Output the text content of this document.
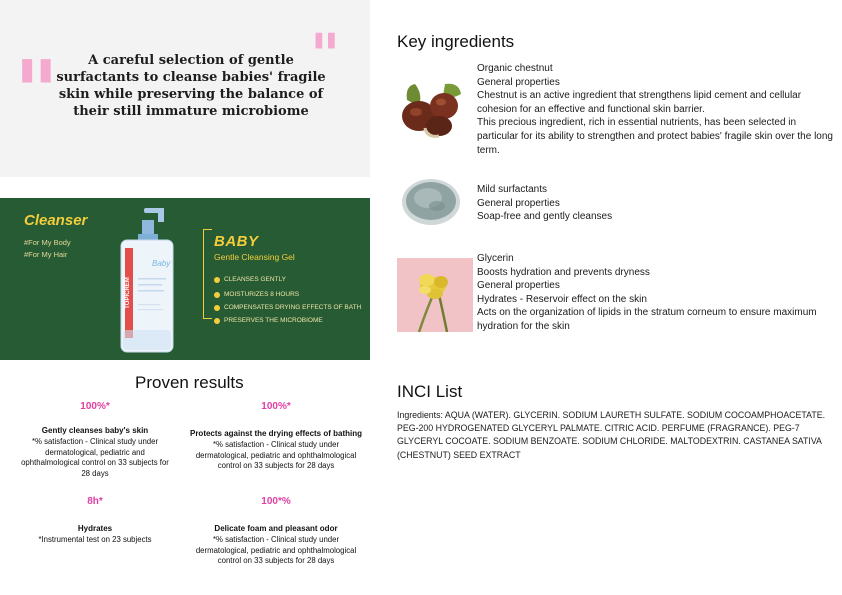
"	A careful selection of gentle surfactants to cleanse babies' fragile skin while preserving the balance of their still immature microbiome
"
Cleanser
#For My Body
#For My Hair
TOPICREM
Baby
BABY
Gentle Cleansing Gel
CLEANSES GENTLY
MOISTURIZES 8 HOURS
COMPENSATES DRYING EFFECTS OF BATH
PRESERVES THE MICROBIOME
Proven results
100%*
Gently cleanses baby's skin
*% satisfaction - Clinical study under dermatological, pediatric and ophthalmological control on 33 subjects for 28 days
100%*
Protects against the drying effects of bathing
*% satisfaction - Clinical study under dermatological, pediatric and ophthalmological control on 33 subjects for 28 days
8h*
Hydrates
*Instrumental test on 23 subjects
100*%
Delicate foam and pleasant odor
*% satisfaction - Clinical study under dermatological, pediatric and ophthalmological control on 33 subjects for 28 days
Key ingredients
Organic chestnut
General properties
Chestnut is an active ingredient that strengthens lipid cement and cellular cohesion for an effective and functional skin barrier.
This precious ingredient, rich in essential nutrients, has been selected in particular for its ability to strengthen and protect babies' fragile skin over the long term.
Mild surfactants
General properties
Soap-free and gently cleanses
Glycerin
Boosts hydration and prevents dryness
General properties
Hydrates - Reservoir effect on the skin
Acts on the organization of lipids in the stratum corneum to ensure maximum hydration for the skin
INCI List
Ingredients: AQUA (WATER). GLYCERIN. SODIUM LAURETH SULFATE. SODIUM COCOAMPHOACETATE. PEG-200 HYDROGENATED GLYCERYL PALMATE. CITRIC ACID. PERFUME (FRAGRANCE). PEG-7 GLYCERYL COCOATE. SODIUM BENZOATE. SODIUM CHLORIDE. MALTODEXTRIN. CASTANEA SATIVA (CHESTNUT) SEED EXTRACT
